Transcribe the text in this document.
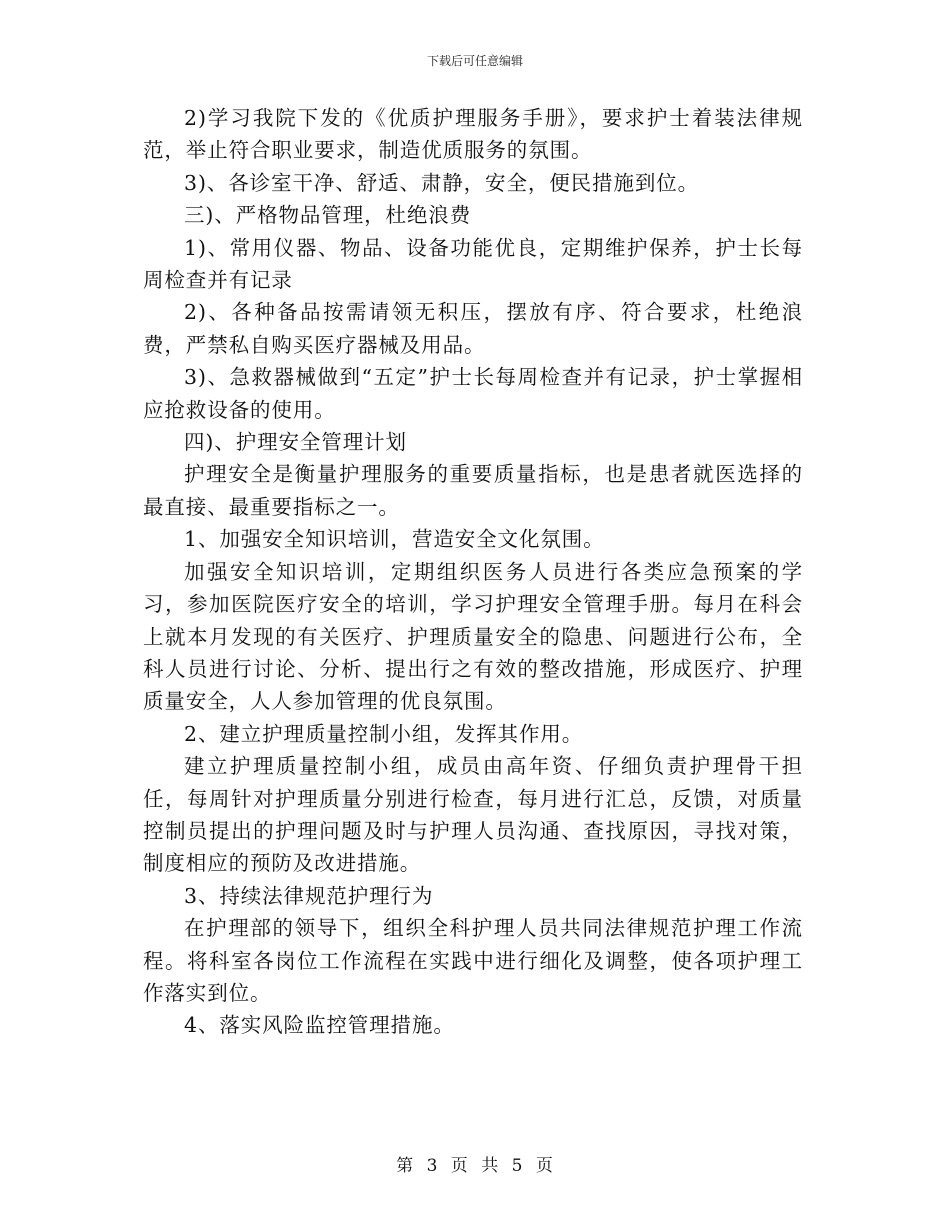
下载后可任意编辑

2)学习我院下发的《优质护理服务手册》，要求护士着装法律规范，举止符合职业要求，制造优质服务的氛围。

3)、各诊室干净、舒适、肃静，安全，便民措施到位。

三)、严格物品管理，杜绝浪费

1)、常用仪器、物品、设备功能优良，定期维护保养，护士长每周检查并有记录

2)、各种备品按需请领无积压，摆放有序、符合要求，杜绝浪费，严禁私自购买医疗器械及用品。

3)、急救器械做到“五定”护士长每周检查并有记录，护士掌握相应抢救设备的使用。

四)、护理安全管理计划

护理安全是衡量护理服务的重要质量指标，也是患者就医选择的最直接、最重要指标之一。

1、加强安全知识培训，营造安全文化氛围。

加强安全知识培训，定期组织医务人员进行各类应急预案的学习，参加医院医疗安全的培训，学习护理安全管理手册。每月在科会上就本月发现的有关医疗、护理质量安全的隐患、问题进行公布，全科人员进行讨论、分析、提出行之有效的整改措施，形成医疗、护理质量安全，人人参加管理的优良氛围。

2、建立护理质量控制小组，发挥其作用。

建立护理质量控制小组，成员由高年资、仔细负责护理骨干担任，每周针对护理质量分别进行检查，每月进行汇总，反馈，对质量控制员提出的护理问题及时与护理人员沟通、查找原因，寻找对策，制度相应的预防及改进措施。

3、持续法律规范护理行为

在护理部的领导下，组织全科护理人员共同法律规范护理工作流程。将科室各岗位工作流程在实践中进行细化及调整，使各项护理工作落实到位。

4、落实风险监控管理措施。

第 3 页 共 5 页
